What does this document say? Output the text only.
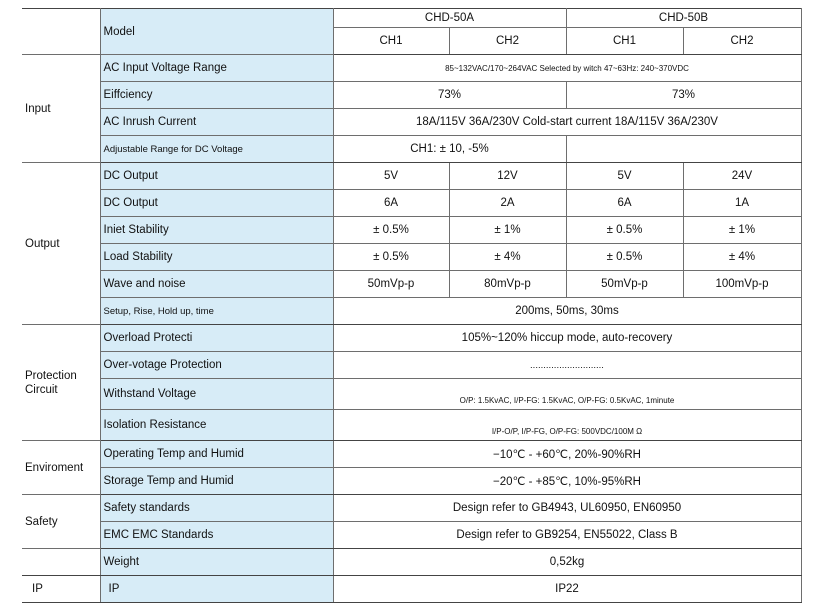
	Model	CHD-50A		CHD-50B	
		CH1	CH2	CH1	CH2
Input	AC Input Voltage Range	85~132VAC/170~264VAC Selected by witch 47~63Hz: 240~370VDC			
	Eiffciency	73%		73%	
	AC Inrush Current	18A/115V 36A/230V Cold-start current 18A/115V 36A/230V			
	Adjustable Range for DC Voltage	CH1: ± 10, -5%			
Output	DC Output	5V	12V	5V	24V
	DC Output	6A	2A	6A	1A
	Iniet Stability	± 0.5%	± 1%	± 0.5%	± 1%
	Load Stability	± 0.5%	± 4%	± 0.5%	± 4%
	Wave and noise	50mVp-p	80mVp-p	50mVp-p	100mVp-p
	Setup, Rise, Hold up, time	200ms, 50ms, 30ms			
Protection Circuit	Overload Protecti	105%~120% hiccup mode, auto-recovery			
	Over-votage Protection	............................			
	Withstand Voltage	O/P: 1.5KvAC, I/P-FG: 1.5KvAC, O/P-FG: 0.5KvAC, 1minute			
	Isolation Resistance	I/P-O/P, I/P-FG, O/P-FG: 500VDC/100M Ω			
Enviroment	Operating Temp and Humid	−10℃ - +60℃, 20%-90%RH			
	Storage Temp and Humid	−20℃ - +85℃, 10%-95%RH			
Safety	Safety standards	Design refer to GB4943, UL60950, EN60950			
	EMC EMC Standards	Design refer to GB9254, EN55022, Class B			
	Weight	0,52kg			
IP	IP	IP22			
